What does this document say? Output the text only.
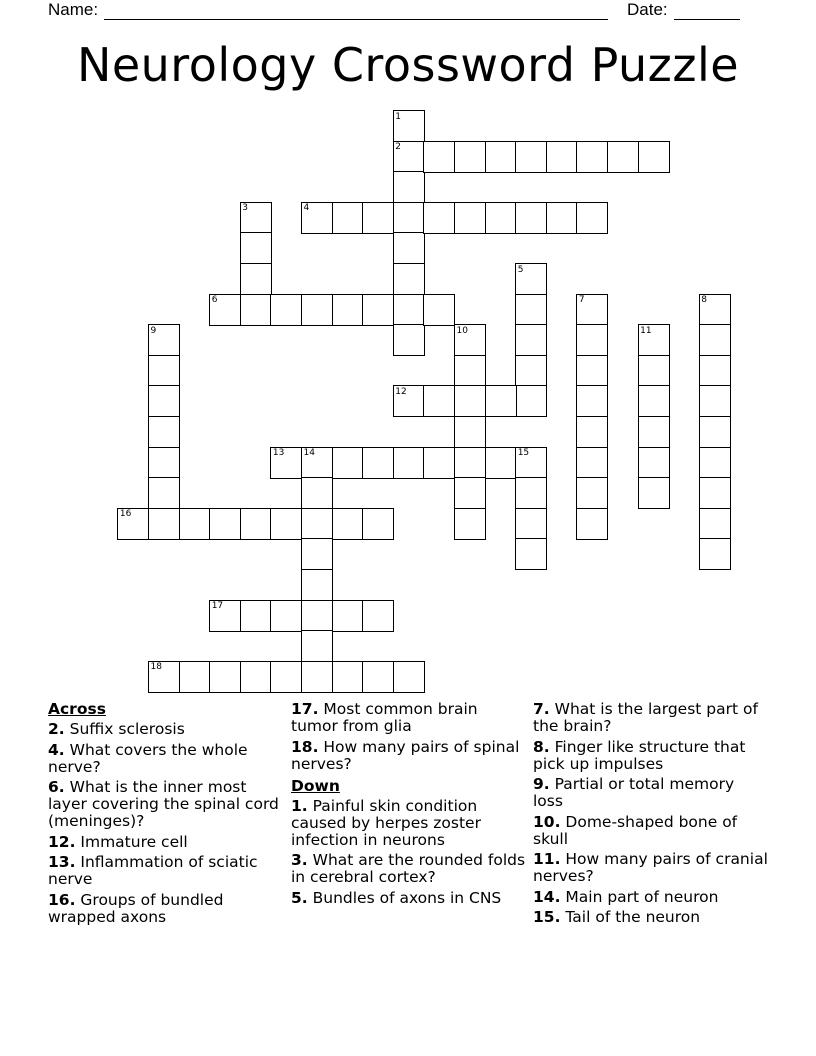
Name:	Date:
Neurology Crossword Puzzle
1
2
3	4
5
6	7	8
9	10	11
12
13 14	15
16
17
18
Across
2. Suffix sclerosis
4. What covers the whole nerve?
6. What is the inner most layer covering the spinal cord (meninges)?
12. Immature cell
13. Inflammation of sciatic nerve
16. Groups of bundled wrapped axons
17. Most common brain tumor from glia
18. How many pairs of spinal nerves?
Down
1. Painful skin condition caused by herpes zoster infection in neurons
3. What are the rounded folds in cerebral cortex?
5. Bundles of axons in CNS
7. What is the largest part of the brain?
8. Finger like structure that pick up impulses
9. Partial or total memory loss
10. Dome-shaped bone of skull
11. How many pairs of cranial nerves?
14. Main part of neuron
15. Tail of the neuron
